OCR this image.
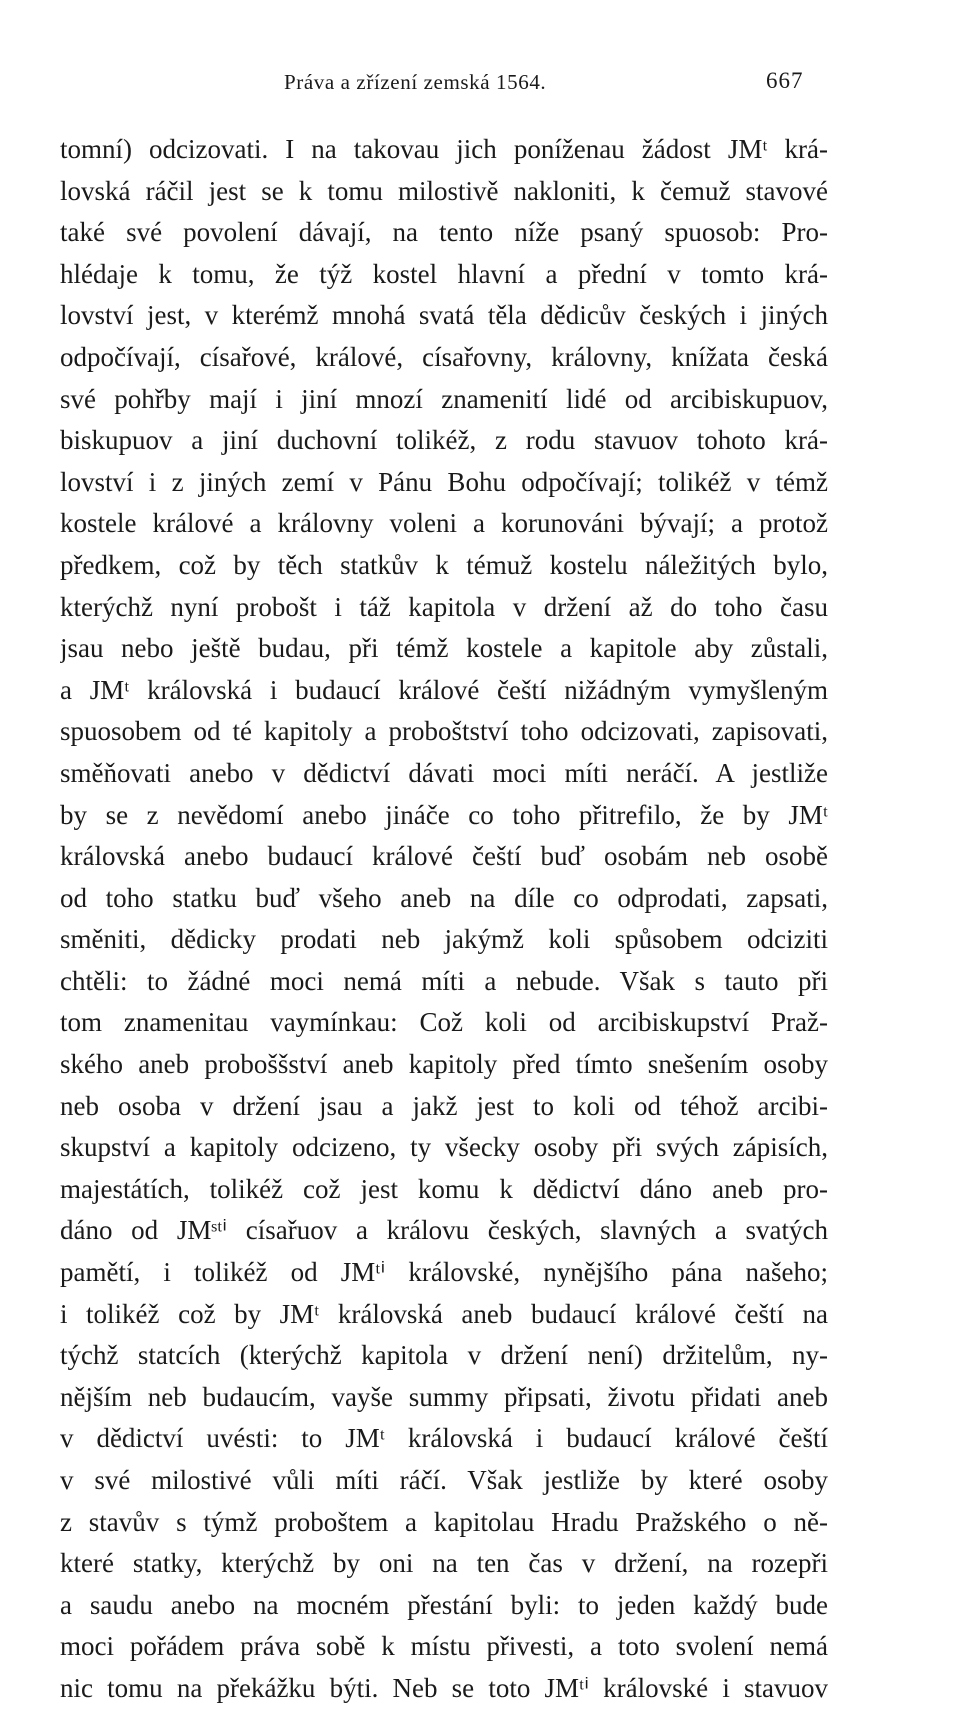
Práva a zřízení zemská 1564.	667
tomní) odcizovati. I na takovau jich poníženau žádost JMᵗ krá-
lovská ráčil jest se k tomu milostivě nakloniti, k čemuž stavové
také své povolení dávají, na tento níže psaný spuosob: Pro-
hlédaje k tomu, že týž kostel hlavní a přední v tomto krá-
lovství jest, v kterémž mnohá svatá těla dědicův českých i jiných
odpočívají, císařové, králové, císařovny, královny, knížata česká
své pohřby mají i jiní mnozí znamenití lidé od arcibiskupuov,
biskupuov a jiní duchovní tolikéž, z rodu stavuov tohoto krá-
lovství i z jiných zemí v Pánu Bohu odpočívají; tolikéž v témž
kostele králové a královny voleni a korunováni bývají; a protož
předkem, což by těch statkův k témuž kostelu náležitých bylo,
kterýchž nyní probošt i táž kapitola v držení až do toho času
jsau nebo ještě budau, při témž kostele a kapitole aby zůstali,
a JMᵗ královská i budaucí králové čeští nižádným vymyšleným
spuosobem od té kapitoly a proboštství toho odcizovati, zapisovati,
směňovati anebo v dědictví dávati moci míti neráčí. A jestliže
by se z nevědomí anebo jináče co toho přitrefilo, že by JMᵗ
královská anebo budaucí králové čeští buď osobám neb osobě
od toho statku buď všeho aneb na díle co odprodati, zapsati,
směniti, dědicky prodati neb jakýmž koli spůsobem odciziti
chtěli: to žádné moci nemá míti a nebude. Však s tauto při
tom znamenitau vaymínkau: Což koli od arcibiskupství Praž-
ského aneb proboššství aneb kapitoly před tímto snešením osoby
neb osoba v držení jsau a jakž jest to koli od téhož arcibi-
skupství a kapitoly odcizeno, ty všecky osoby při svých zápisích,
majestátích, tolikéž což jest komu k dědictví dáno aneb pro-
dáno od JMˢᵗⁱ císařuov a královu českých, slavných a svatých
pamětí, i tolikéž od JMᵗⁱ královské, nynějšího pána našeho;
i tolikéž což by JMᵗ královská aneb budaucí králové čeští na
týchž statcích (kterýchž kapitola v držení není) držitelům, ny-
nějším neb budaucím, vayše summy připsati, životu přidati aneb
v dědictví uvésti: to JMᵗ královská i budaucí králové čeští
v své milostivé vůli míti ráčí. Však jestliže by které osoby
z stavův s týmž proboštem a kapitolau Hradu Pražského o ně-
které statky, kterýchž by oni na ten čas v držení, na rozepři
a saudu anebo na mocném přestání byli: to jeden každý bude
moci pořádem práva sobě k místu přivesti, a toto svolení nemá
nic tomu na překážku býti. Neb se toto JMᵗⁱ královské i stavuov
